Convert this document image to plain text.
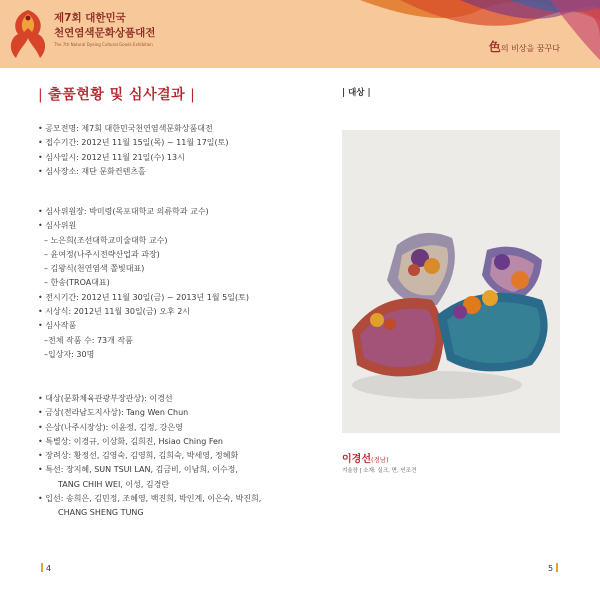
제7회 대한민국
천연염색문화상품대전
The 7th Natural Dyeing Cultural Goods Exhibition	色의 비상을 꿈꾸다
| 출품현황 및 심사결과 |
• 공모전명: 제7회 대한민국천연염색문화상품대전
• 접수기간: 2012년 11월 15일(목) ~ 11월 17일(토)
• 심사일시: 2012년 11월 21일(수) 13시
• 심사장소: 재단 문화컨텐츠홀
• 심사위원장: 박미령(목포대학교 의류학과 교수)
• 심사위원
– 노은희(조선대학교미술대학 교수)
– 윤여정(나주시전략산업과 과장)
– 김왕식(천연염색 쫄빛대표)
– 한송(TROA대표)
• 전시기간: 2012년 11월 30일(금) ~ 2013년 1월 5일(토)
• 시상식: 2012년 11월 30일(금) 오후 2시
• 심사작품
–전체 작품 수: 73개 작품
–입상자: 30명
• 대상(문화체육관광부장관상): 이경선
• 금상(전라남도지사상): Tang Wen Chun
• 은상(나주시장상): 이윤정, 김정, 강은영
• 특별상: 이경규, 이상화, 김희진, Hsiao Ching Fen
• 장려상: 황정선, 김영숙, 김영희, 김희숙, 박세영, 정혜화
• 특선: 장지혜, SUN TSUI LAN, 김금비, 이남희, 이수정,
TANG CHIH WEI, 이성, 김경란
• 입선: 송희은, 김민정, 조혜영, 백진희, 박인계, 이은숙, 박진희,
CHANG SHENG TUNG
| 대상 |
이경선(경남)
겨울장 | 소재: 실크, 면, 인조견
4	5
